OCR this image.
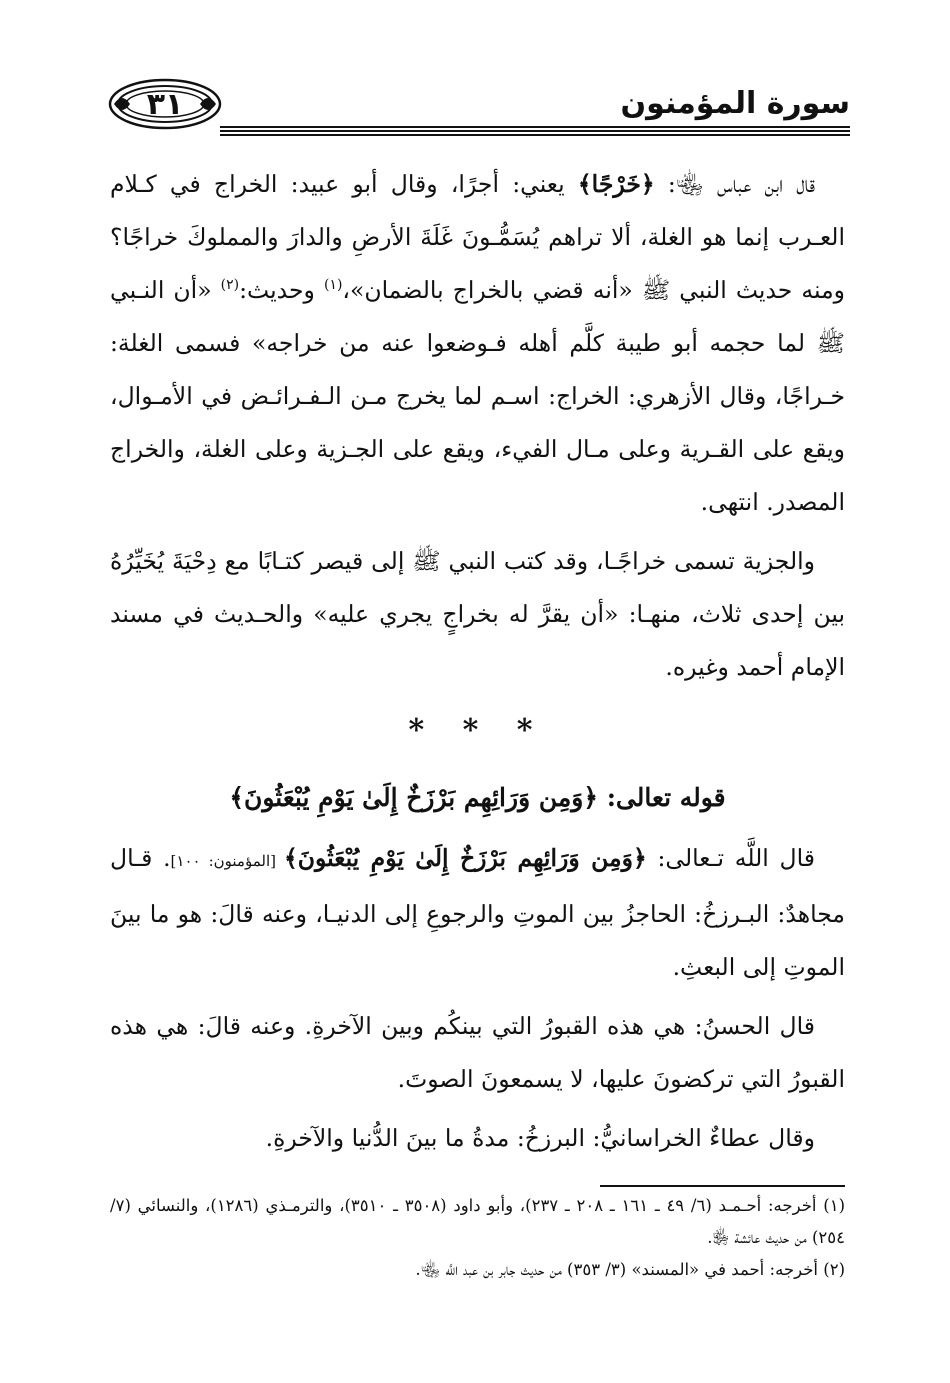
سورة المؤمنون
٣١

قال ابن عباس ﵄: ﴿خَرْجًا﴾ يعني: أجرًا، وقال أبو عبيد: الخراج في كـلام العـرب إنما هو الغلة، ألا تراهم يُسَمُّـونَ غَلَةَ الأرضِ والدارَ والمملوكَ خراجًا؟ ومنه حديث النبي ﷺ «أنه قضي بالخراج بالضمان»،$^{(١)}$ وحديث:$^{(٢)}$ «أن النـبي ﷺ لما حجمه أبو طيبة كلَّم أهله فـوضعوا عنه من خراجه» فسمى الغلة: خـراجًا، وقال الأزهري: الخراج: اسـم لما يخرج مـن الـفـرائـض في الأمـوال، ويقع على القـرية وعلى مـال الفيء، ويقع على الجـزية وعلى الغلة، والخراج المصدر. انتهى.

والجزية تسمى خراجًـا، وقد كتب النبي ﷺ إلى قيصر كتـابًا مع دِحْيَةَ يُخَيِّرُهُ بين إحدى ثلاث، منهـا: «أن يقرَّ له بخراجٍ يجري عليه» والحـديث في مسند الإمام أحمد وغيره.

* * *
قوله تعالى: ﴿وَمِن وَرَائِهِم بَرْزَخٌ إِلَىٰ يَوْمِ يُبْعَثُونَ﴾

قال اللَّه تـعالى: ﴿وَمِن وَرَائِهِم بَرْزَخٌ إِلَىٰ يَوْمِ يُبْعَثُونَ﴾ [المؤمنون: ١٠٠]. قـال مجاهدٌ: البـرزخُ: الحاجزُ بين الموتِ والرجوعِ إلى الدنيـا، وعنه قالَ: هو ما بينَ الموتِ إلى البعثِ.

قال الحسنُ: هي هذه القبورُ التي بينكُم وبين الآخرةِ. وعنه قالَ: هي هذه القبورُ التي تركضونَ عليها، لا يسمعونَ الصوتَ.

وقال عطاءٌ الخراسانيُّ: البرزخُ: مدةُ ما بينَ الدُّنيا والآخرةِ.

(١) أخرجه: أحـمـد (٦/ ٤٩ ـ ١٦١ ـ ٢٠٨ ـ ٢٣٧)، وأبو داود (٣٥٠٨ ـ ٣٥١٠)، والترمـذي (١٢٨٦)، والنسائي (٧/ ٢٥٤) من حديث عائشة ﵂.

(٢) أخرجه: أحمد في «المسند» (٣/ ٣٥٣) من حديث جابر بن عبد اللَّه ﵄.
